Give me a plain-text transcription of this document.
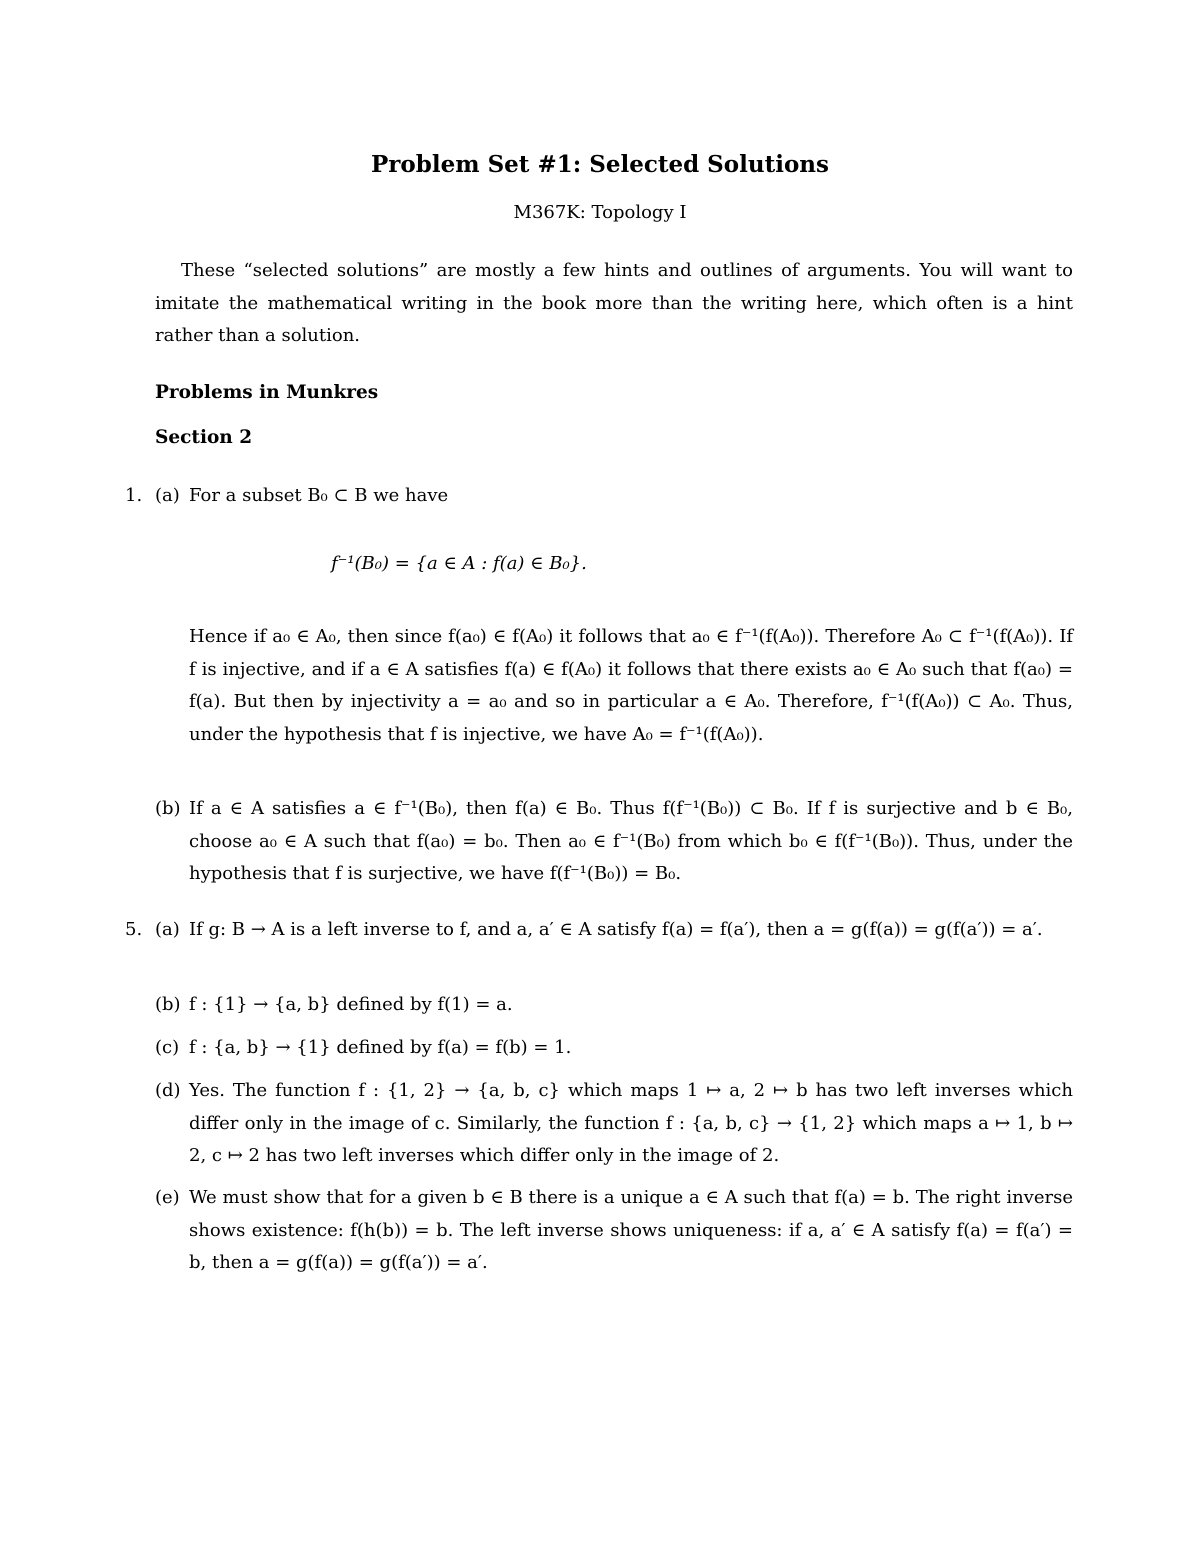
Problem Set #1: Selected Solutions
M367K: Topology I

These “selected solutions” are mostly a few hints and outlines of arguments. You will want to imitate the mathematical writing in the book more than the writing here, which often is a hint rather than a solution.

Problems in Munkres
Section 2
1. (a) For a subset B₀ ⊂ B we have
f⁻¹(B₀) = {a ∈ A : f(a) ∈ B₀}.
Hence if a₀ ∈ A₀, then since f(a₀) ∈ f(A₀) it follows that a₀ ∈ f⁻¹(f(A₀)). Therefore A₀ ⊂ f⁻¹(f(A₀)). If f is injective, and if a ∈ A satisfies f(a) ∈ f(A₀) it follows that there exists a₀ ∈ A₀ such that f(a₀) = f(a). But then by injectivity a = a₀ and so in particular a ∈ A₀. Therefore, f⁻¹(f(A₀)) ⊂ A₀. Thus, under the hypothesis that f is injective, we have A₀ = f⁻¹(f(A₀)).
(b) If a ∈ A satisfies a ∈ f⁻¹(B₀), then f(a) ∈ B₀. Thus f(f⁻¹(B₀)) ⊂ B₀. If f is surjective and b ∈ B₀, choose a₀ ∈ A such that f(a₀) = b₀. Then a₀ ∈ f⁻¹(B₀) from which b₀ ∈ f(f⁻¹(B₀)). Thus, under the hypothesis that f is surjective, we have f(f⁻¹(B₀)) = B₀.
5. (a) If g: B → A is a left inverse to f, and a, a′ ∈ A satisfy f(a) = f(a′), then a = g(f(a)) = g(f(a′)) = a′.
(b) f : {1} → {a, b} defined by f(1) = a.
(c) f : {a, b} → {1} defined by f(a) = f(b) = 1.
(d) Yes. The function f : {1, 2} → {a, b, c} which maps 1 ↦ a, 2 ↦ b has two left inverses which differ only in the image of c. Similarly, the function f : {a, b, c} → {1, 2} which maps a ↦ 1, b ↦ 2, c ↦ 2 has two left inverses which differ only in the image of 2.
(e) We must show that for a given b ∈ B there is a unique a ∈ A such that f(a) = b. The right inverse shows existence: f(h(b)) = b. The left inverse shows uniqueness: if a, a′ ∈ A satisfy f(a) = f(a′) = b, then a = g(f(a)) = g(f(a′)) = a′.
